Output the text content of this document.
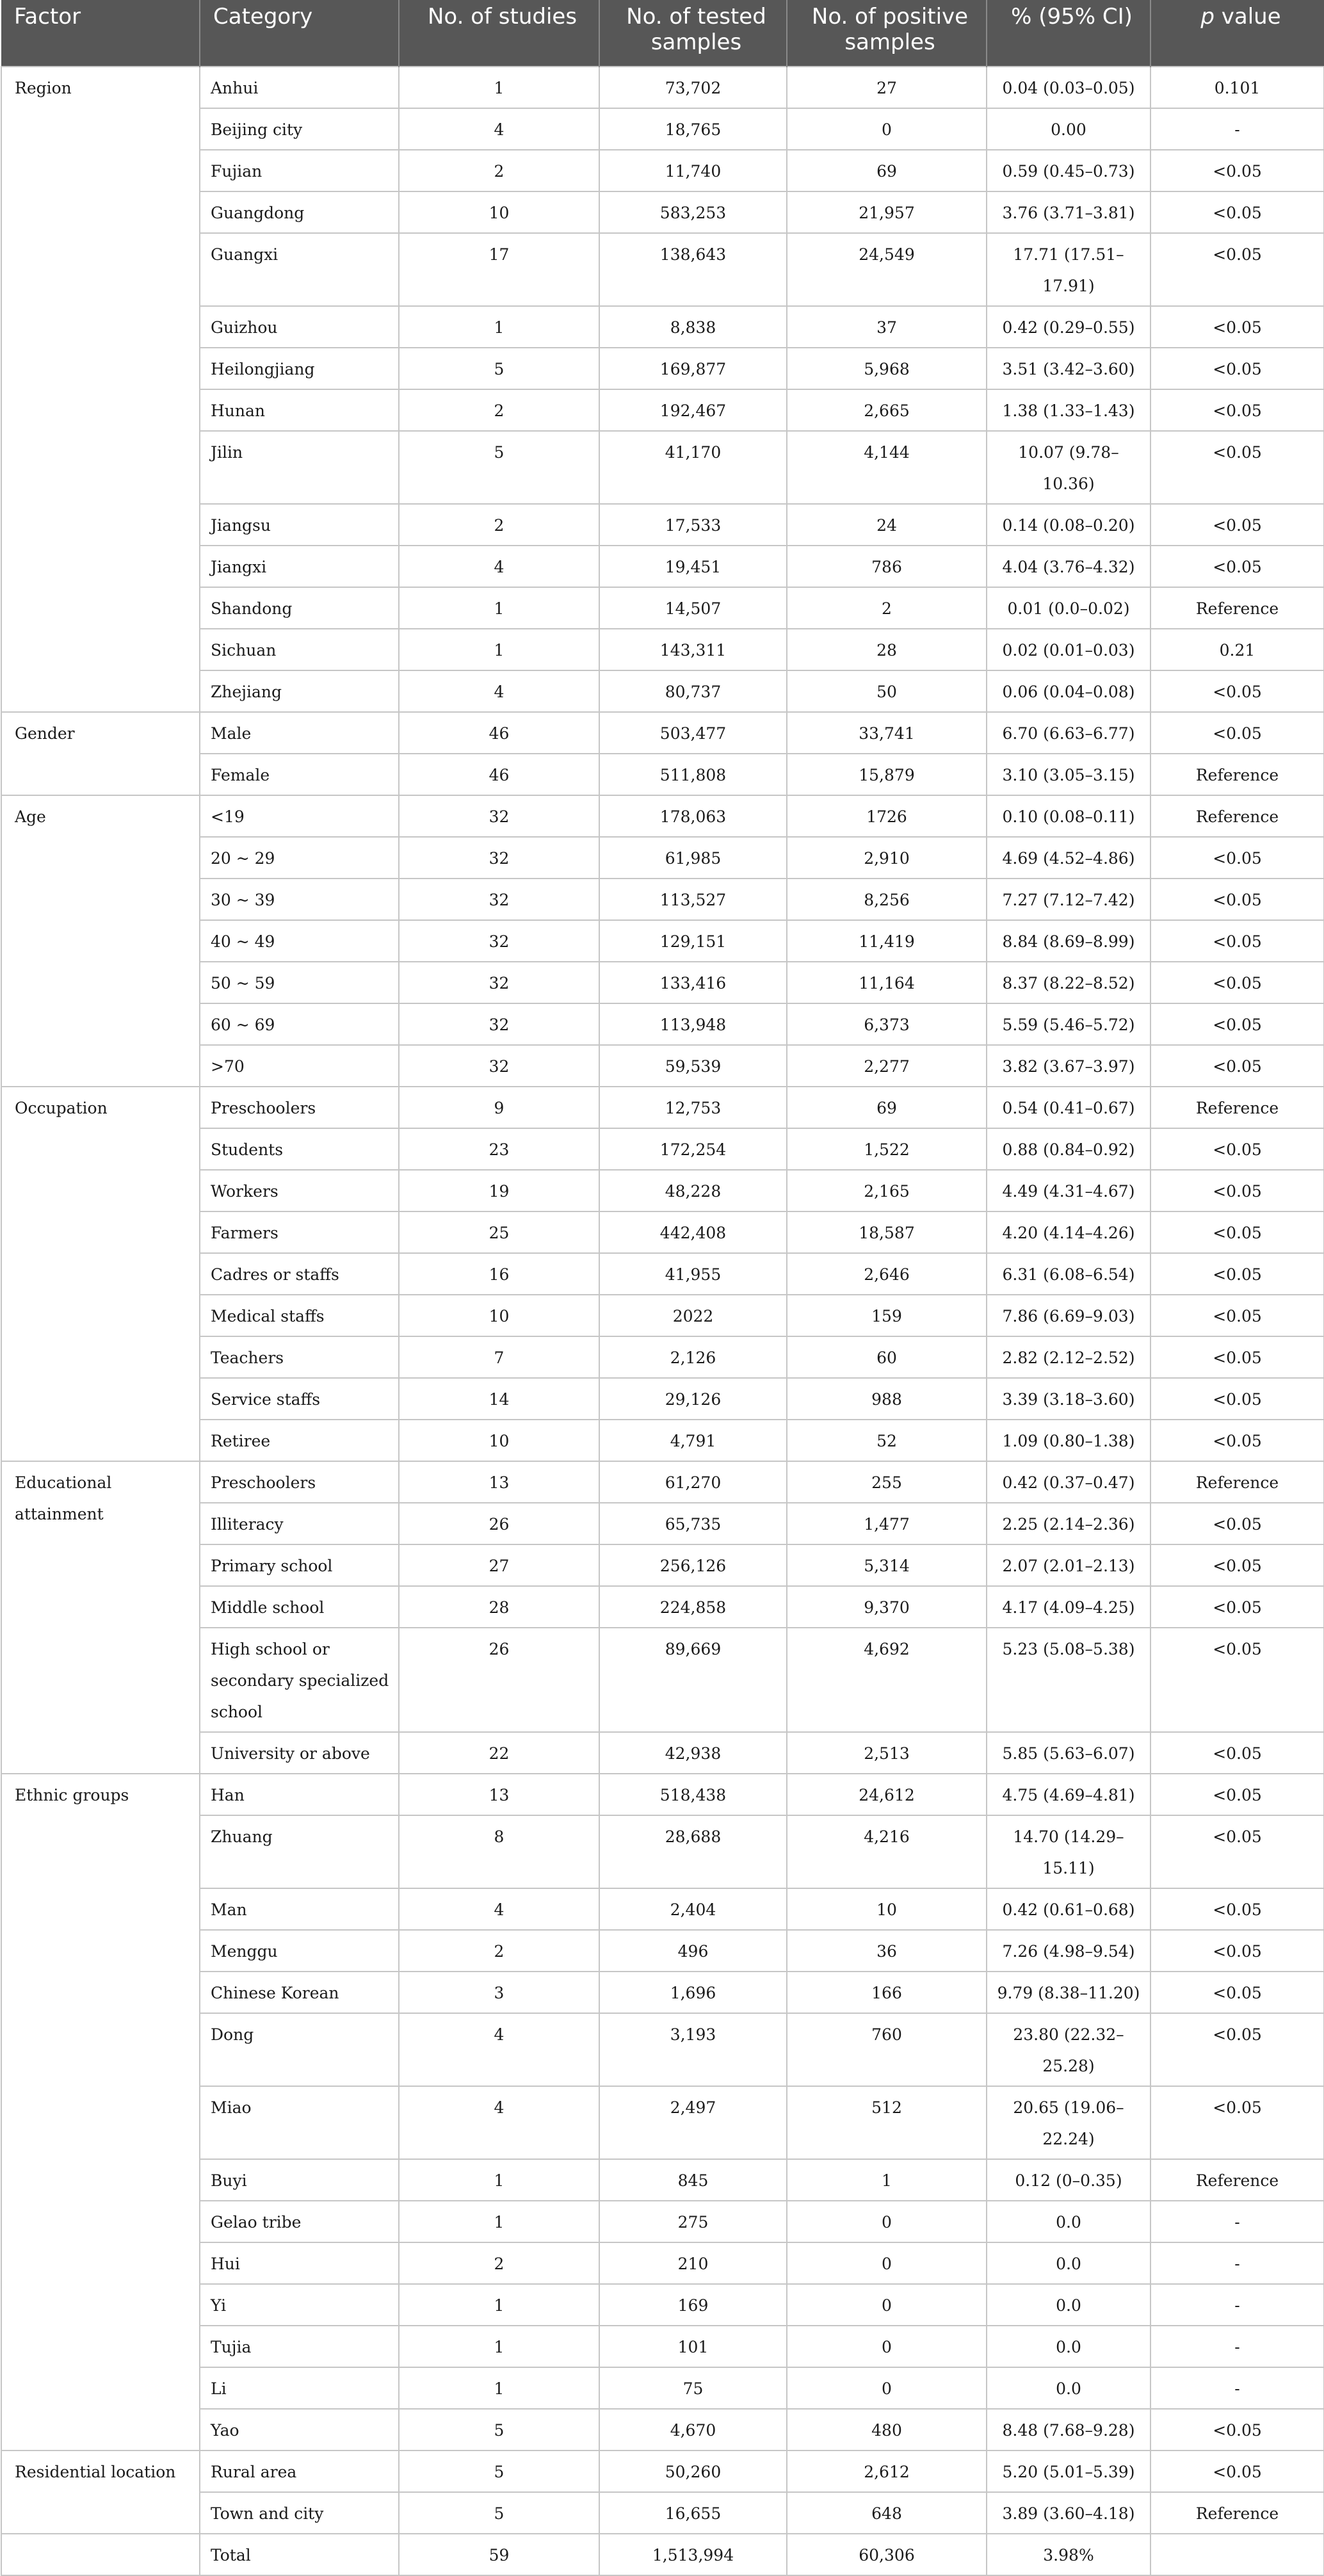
Factor	Category	No. of studies	No. of tested samples	No. of positive samples	% (95% CI)	p value
Region	Anhui	1	73,702	27	0.04 (0.03–0.05)	0.101
	Beijing city	4	18,765	0	0.00	-
	Fujian	2	11,740	69	0.59 (0.45–0.73)	<0.05
	Guangdong	10	583,253	21,957	3.76 (3.71–3.81)	<0.05
	Guangxi	17	138,643	24,549	17.71 (17.51–17.91)	<0.05
	Guizhou	1	8,838	37	0.42 (0.29–0.55)	<0.05
	Heilongjiang	5	169,877	5,968	3.51 (3.42–3.60)	<0.05
	Hunan	2	192,467	2,665	1.38 (1.33–1.43)	<0.05
	Jilin	5	41,170	4,144	10.07 (9.78–10.36)	<0.05
	Jiangsu	2	17,533	24	0.14 (0.08–0.20)	<0.05
	Jiangxi	4	19,451	786	4.04 (3.76–4.32)	<0.05
	Shandong	1	14,507	2	0.01 (0.0–0.02)	Reference
	Sichuan	1	143,311	28	0.02 (0.01–0.03)	0.21
	Zhejiang	4	80,737	50	0.06 (0.04–0.08)	<0.05
Gender	Male	46	503,477	33,741	6.70 (6.63–6.77)	<0.05
	Female	46	511,808	15,879	3.10 (3.05–3.15)	Reference
Age	<19	32	178,063	1726	0.10 (0.08–0.11)	Reference
	20 ~ 29	32	61,985	2,910	4.69 (4.52–4.86)	<0.05
	30 ~ 39	32	113,527	8,256	7.27 (7.12–7.42)	<0.05
	40 ~ 49	32	129,151	11,419	8.84 (8.69–8.99)	<0.05
	50 ~ 59	32	133,416	11,164	8.37 (8.22–8.52)	<0.05
	60 ~ 69	32	113,948	6,373	5.59 (5.46–5.72)	<0.05
	>70	32	59,539	2,277	3.82 (3.67–3.97)	<0.05
Occupation	Preschoolers	9	12,753	69	0.54 (0.41–0.67)	Reference
	Students	23	172,254	1,522	0.88 (0.84–0.92)	<0.05
	Workers	19	48,228	2,165	4.49 (4.31–4.67)	<0.05
	Farmers	25	442,408	18,587	4.20 (4.14–4.26)	<0.05
	Cadres or staffs	16	41,955	2,646	6.31 (6.08–6.54)	<0.05
	Medical staffs	10	2022	159	7.86 (6.69–9.03)	<0.05
	Teachers	7	2,126	60	2.82 (2.12–2.52)	<0.05
	Service staffs	14	29,126	988	3.39 (3.18–3.60)	<0.05
	Retiree	10	4,791	52	1.09 (0.80–1.38)	<0.05
Educational attainment	Preschoolers	13	61,270	255	0.42 (0.37–0.47)	Reference
	Illiteracy	26	65,735	1,477	2.25 (2.14–2.36)	<0.05
	Primary school	27	256,126	5,314	2.07 (2.01–2.13)	<0.05
	Middle school	28	224,858	9,370	4.17 (4.09–4.25)	<0.05
	High school or secondary specialized school	26	89,669	4,692	5.23 (5.08–5.38)	<0.05
	University or above	22	42,938	2,513	5.85 (5.63–6.07)	<0.05
Ethnic groups	Han	13	518,438	24,612	4.75 (4.69–4.81)	<0.05
	Zhuang	8	28,688	4,216	14.70 (14.29–15.11)	<0.05
	Man	4	2,404	10	0.42 (0.61–0.68)	<0.05
	Menggu	2	496	36	7.26 (4.98–9.54)	<0.05
	Chinese Korean	3	1,696	166	9.79 (8.38–11.20)	<0.05
	Dong	4	3,193	760	23.80 (22.32–25.28)	<0.05
	Miao	4	2,497	512	20.65 (19.06–22.24)	<0.05
	Buyi	1	845	1	0.12 (0–0.35)	Reference
	Gelao tribe	1	275	0	0.0	-
	Hui	2	210	0	0.0	-
	Yi	1	169	0	0.0	-
	Tujia	1	101	0	0.0	-
	Li	1	75	0	0.0	-
	Yao	5	4,670	480	8.48 (7.68–9.28)	<0.05
Residential location	Rural area	5	50,260	2,612	5.20 (5.01–5.39)	<0.05
	Town and city	5	16,655	648	3.89 (3.60–4.18)	Reference
	Total	59	1,513,994	60,306	3.98%	
